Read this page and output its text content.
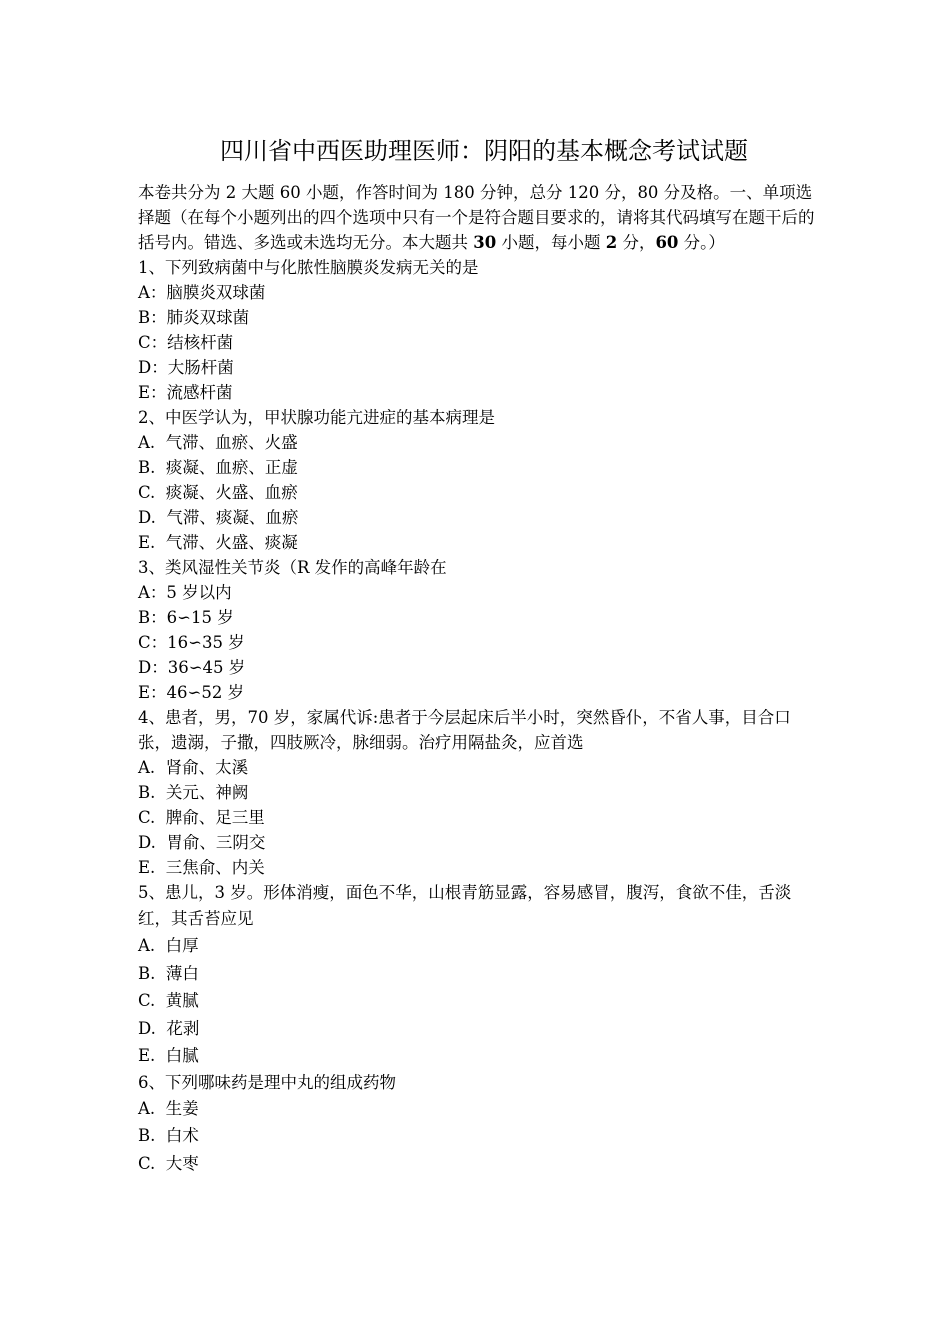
四川省中西医助理医师：阴阳的基本概念考试试题

本卷共分为 2 大题 60 小题，作答时间为 180 分钟，总分 120 分，80 分及格。一、单项选择题（在每个小题列出的四个选项中只有一个是符合题目要求的，请将其代码填写在题干后的括号内。错选、多选或未选均无分。本大题共 30 小题，每小题 2 分，60 分。）

1、下列致病菌中与化脓性脑膜炎发病无关的是

A：脑膜炎双球菌

B：肺炎双球菌

C：结核杆菌

D：大肠杆菌

E：流感杆菌

2、中医学认为，甲状腺功能亢进症的基本病理是

A.  气滞、血瘀、火盛

B.  痰凝、血瘀、正虚

C.  痰凝、火盛、血瘀

D.  气滞、痰凝、血瘀

E.  气滞、火盛、痰凝

3、类风湿性关节炎（R 发作的高峰年龄在

A：5 岁以内

B：6∽15 岁

C：16∽35 岁

D：36∽45 岁

E：46∽52 岁

4、患者，男，70 岁，家属代诉:患者于今层起床后半小时，突然昏仆，不省人事，目合口张，遗溺，子撒，四肢厥冷，脉细弱。治疗用隔盐灸，应首选

A.  肾俞、太溪

B.  关元、神阙

C.  脾俞、足三里

D.  胃俞、三阴交

E.  三焦俞、内关

5、患儿，3 岁。形体消瘦，面色不华，山根青筋显露，容易感冒，腹泻，食欲不佳，舌淡红，其舌苔应见

A.  白厚

B.  薄白

C.  黄腻

D.  花剥

E.  白腻

6、下列哪味药是理中丸的组成药物

A.  生姜

B.  白术

C.  大枣
